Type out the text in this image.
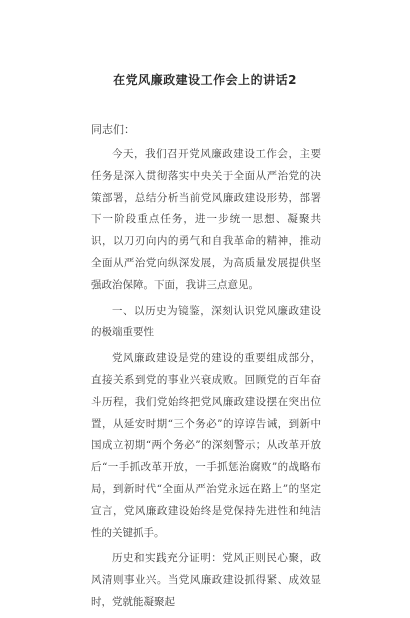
在党风廉政建设工作会上的讲话2
同志们：

今天，我们召开党风廉政建设工作会，主要任务是深入贯彻落实中央关于全面从严治党的决策部署，总结分析当前党风廉政建设形势，部署下一阶段重点任务，进一步统一思想、凝聚共识，以刀刃向内的勇气和自我革命的精神，推动全面从严治党向纵深发展，为高质量发展提供坚强政治保障。下面，我讲三点意见。

一、以历史为镜鉴，深刻认识党风廉政建设的极端重要性

党风廉政建设是党的建设的重要组成部分，直接关系到党的事业兴衰成败。回顾党的百年奋斗历程，我们党始终把党风廉政建设摆在突出位置，从延安时期“三个务必”的谆谆告诫，到新中国成立初期“两个务必”的深刻警示；从改革开放后“一手抓改革开放，一手抓惩治腐败”的战略布局，到新时代“全面从严治党永远在路上”的坚定宣言，党风廉政建设始终是党保持先进性和纯洁性的关键抓手。

历史和实践充分证明：党风正则民心聚，政风清则事业兴。当党风廉政建设抓得紧、成效显时，党就能凝聚起
